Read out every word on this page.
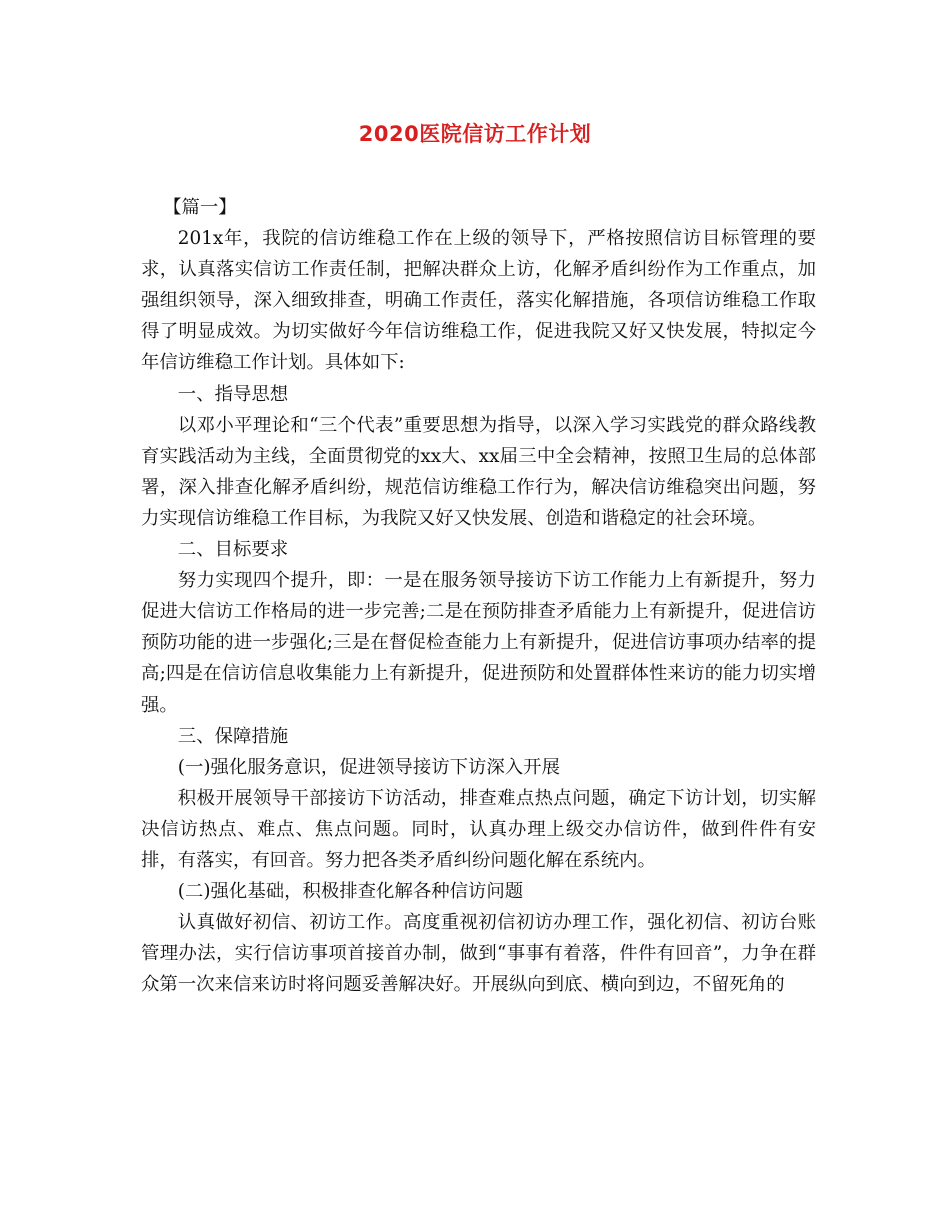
2020医院信访工作计划

【篇一】

201x年，我院的信访维稳工作在上级的领导下，严格按照信访目标管理的要求，认真落实信访工作责任制，把解决群众上访，化解矛盾纠纷作为工作重点，加强组织领导，深入细致排查，明确工作责任，落实化解措施，各项信访维稳工作取得了明显成效。为切实做好今年信访维稳工作，促进我院又好又快发展，特拟定今年信访维稳工作计划。具体如下:

一、指导思想

以邓小平理论和“三个代表”重要思想为指导，以深入学习实践党的群众路线教育实践活动为主线，全面贯彻党的xx大、xx届三中全会精神，按照卫生局的总体部署，深入排查化解矛盾纠纷，规范信访维稳工作行为，解决信访维稳突出问题，努力实现信访维稳工作目标，为我院又好又快发展、创造和谐稳定的社会环境。

二、目标要求

努力实现四个提升，即：一是在服务领导接访下访工作能力上有新提升，努力促进大信访工作格局的进一步完善;二是在预防排查矛盾能力上有新提升，促进信访预防功能的进一步强化;三是在督促检查能力上有新提升，促进信访事项办结率的提高;四是在信访信息收集能力上有新提升，促进预防和处置群体性来访的能力切实增强。

三、保障措施

(一)强化服务意识，促进领导接访下访深入开展

积极开展领导干部接访下访活动，排查难点热点问题，确定下访计划，切实解决信访热点、难点、焦点问题。同时，认真办理上级交办信访件，做到件件有安排，有落实，有回音。努力把各类矛盾纠纷问题化解在系统内。

(二)强化基础，积极排查化解各种信访问题

认真做好初信、初访工作。高度重视初信初访办理工作，强化初信、初访台账管理办法，实行信访事项首接首办制，做到“事事有着落，件件有回音”，力争在群众第一次来信来访时将问题妥善解决好。开展纵向到底、横向到边，不留死角的
